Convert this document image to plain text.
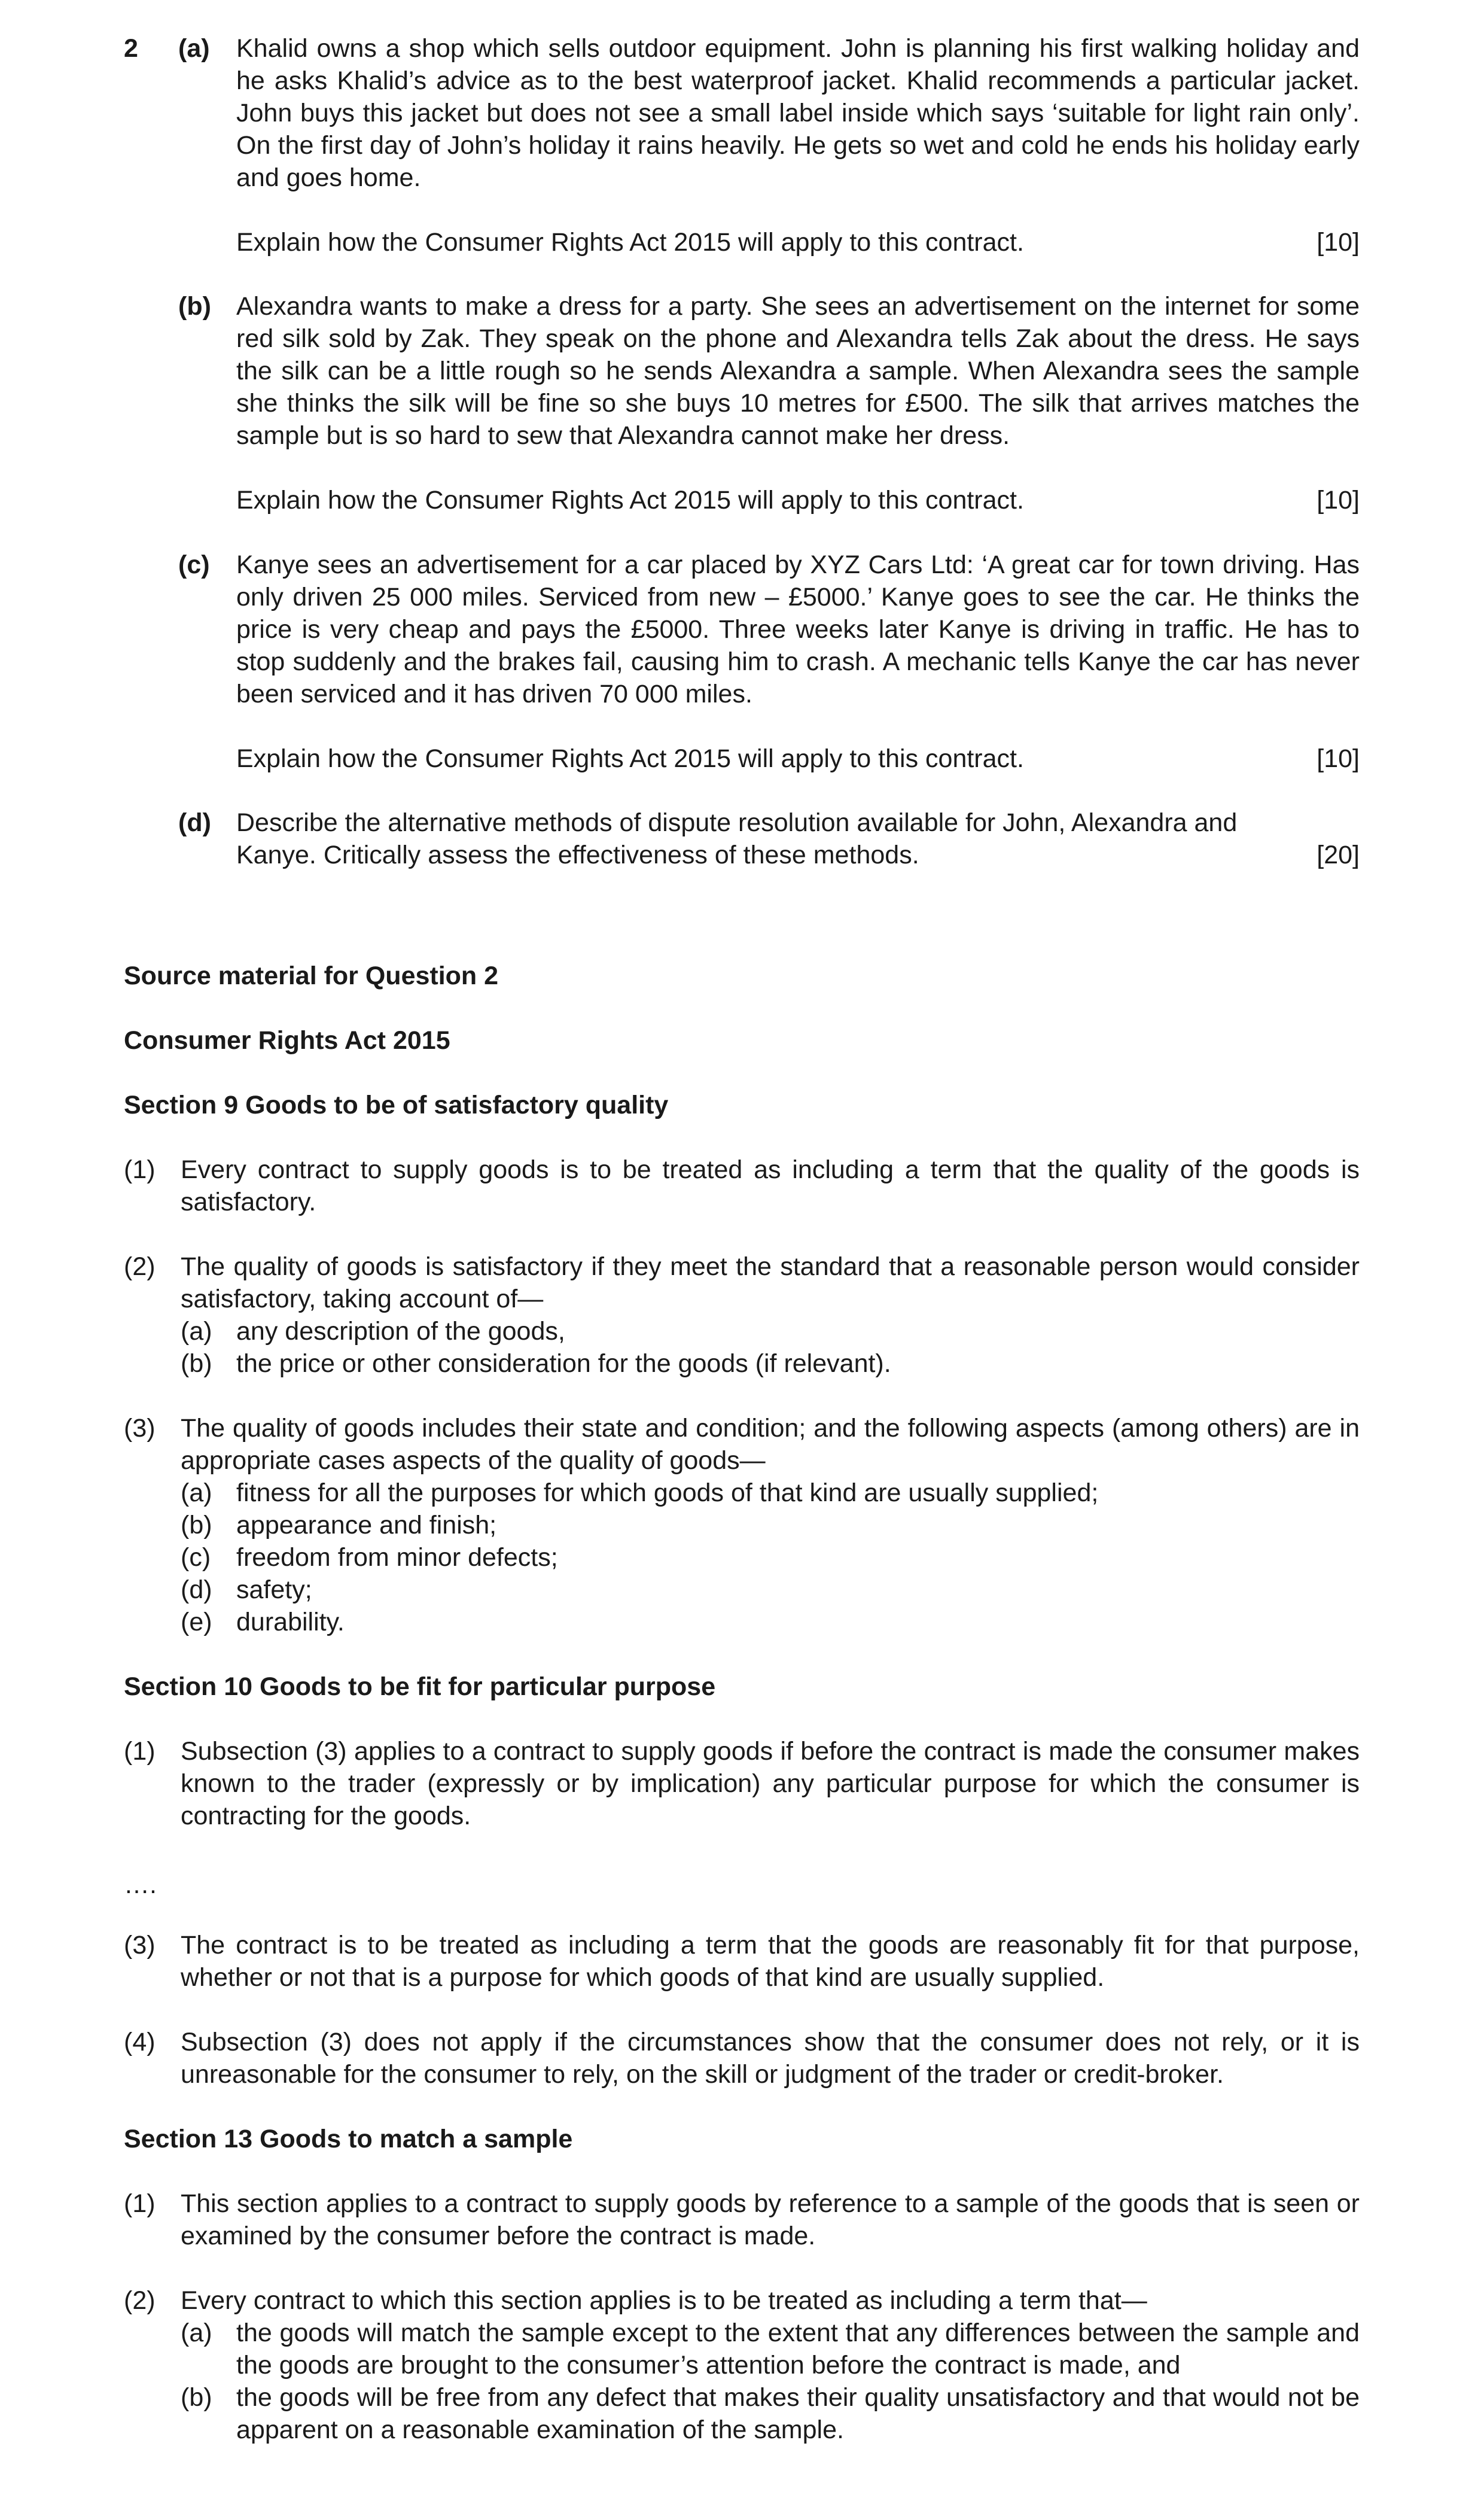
2 (a) Khalid owns a shop which sells outdoor equipment. John is planning his first walking holiday and he asks Khalid’s advice as to the best waterproof jacket. Khalid recommends a particular jacket. John buys this jacket but does not see a small label inside which says ‘suitable for light rain only’. On the first day of John’s holiday it rains heavily. He gets so wet and cold he ends his holiday early and goes home.
Explain how the Consumer Rights Act 2015 will apply to this contract.	[10]
(b) Alexandra wants to make a dress for a party. She sees an advertisement on the internet for some red silk sold by Zak. They speak on the phone and Alexandra tells Zak about the dress. He says the silk can be a little rough so he sends Alexandra a sample. When Alexandra sees the sample she thinks the silk will be fine so she buys 10 metres for £500. The silk that arrives matches the sample but is so hard to sew that Alexandra cannot make her dress.
Explain how the Consumer Rights Act 2015 will apply to this contract.	[10]
(c) Kanye sees an advertisement for a car placed by XYZ Cars Ltd: ‘A great car for town driving. Has only driven 25 000 miles. Serviced from new – £5000.’ Kanye goes to see the car. He thinks the price is very cheap and pays the £5000. Three weeks later Kanye is driving in traffic. He has to stop suddenly and the brakes fail, causing him to crash. A mechanic tells Kanye the car has never been serviced and it has driven 70 000 miles.
Explain how the Consumer Rights Act 2015 will apply to this contract.	[10]
(d) Describe the alternative methods of dispute resolution available for John, Alexandra and
Kanye. Critically assess the effectiveness of these methods.	[20]
Source material for Question 2
Consumer Rights Act 2015
Section 9 Goods to be of satisfactory quality
(1) Every contract to supply goods is to be treated as including a term that the quality of the goods is satisfactory.
(2) The quality of goods is satisfactory if they meet the standard that a reasonable person would consider satisfactory, taking account of—
(a) any description of the goods,
(b) the price or other consideration for the goods (if relevant).
(3) The quality of goods includes their state and condition; and the following aspects (among others) are in appropriate cases aspects of the quality of goods—
(a) fitness for all the purposes for which goods of that kind are usually supplied;
(b) appearance and finish;
(c) freedom from minor defects;
(d) safety;
(e) durability.
Section 10 Goods to be fit for particular purpose
(1) Subsection (3) applies to a contract to supply goods if before the contract is made the consumer makes known to the trader (expressly or by implication) any particular purpose for which the consumer is contracting for the goods.
….
(3) The contract is to be treated as including a term that the goods are reasonably fit for that purpose, whether or not that is a purpose for which goods of that kind are usually supplied.
(4) Subsection (3) does not apply if the circumstances show that the consumer does not rely, or it is unreasonable for the consumer to rely, on the skill or judgment of the trader or credit-broker.
Section 13 Goods to match a sample
(1) This section applies to a contract to supply goods by reference to a sample of the goods that is seen or examined by the consumer before the contract is made.
(2) Every contract to which this section applies is to be treated as including a term that—
(a) the goods will match the sample except to the extent that any differences between the sample and the goods are brought to the consumer’s attention before the contract is made, and
(b) the goods will be free from any defect that makes their quality unsatisfactory and that would not be apparent on a reasonable examination of the sample.
